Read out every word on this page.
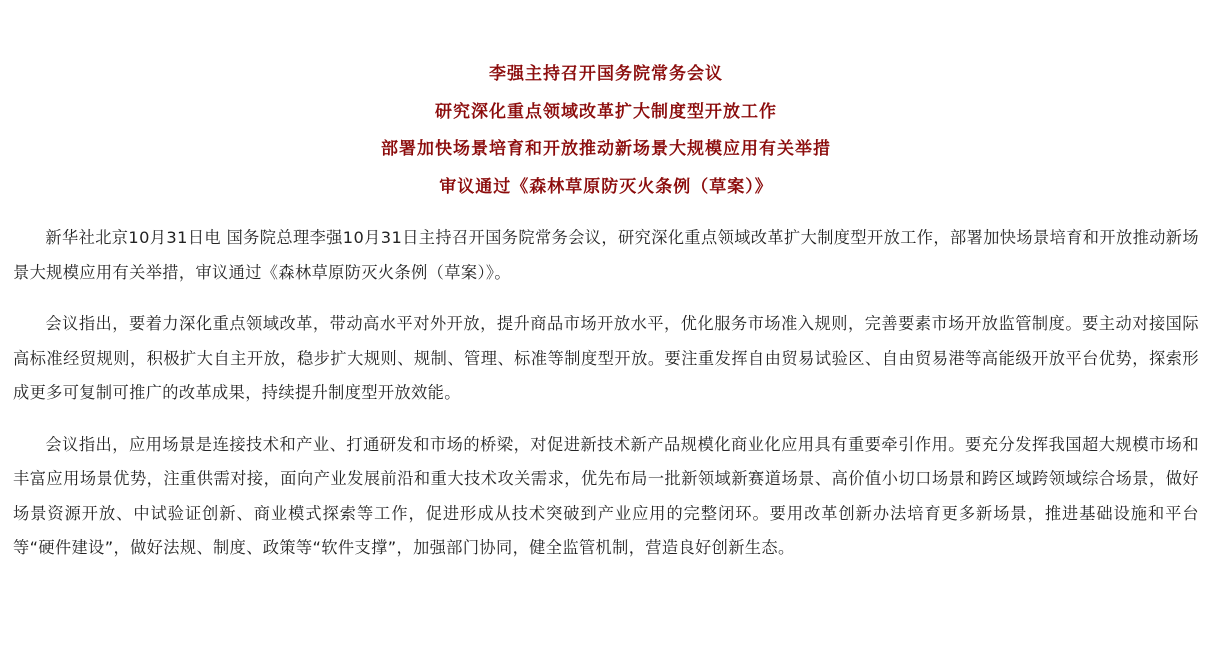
李强主持召开国务院常务会议
研究深化重点领域改革扩大制度型开放工作
部署加快场景培育和开放推动新场景大规模应用有关举措
审议通过《森林草原防灭火条例（草案）》

新华社北京10月31日电 国务院总理李强10月31日主持召开国务院常务会议，研究深化重点领域改革扩大制度型开放工作，部署加快场景培育和开放推动新场景大规模应用有关举措，审议通过《森林草原防灭火条例（草案）》。

会议指出，要着力深化重点领域改革，带动高水平对外开放，提升商品市场开放水平，优化服务市场准入规则，完善要素市场开放监管制度。要主动对接国际高标准经贸规则，积极扩大自主开放，稳步扩大规则、规制、管理、标准等制度型开放。要注重发挥自由贸易试验区、自由贸易港等高能级开放平台优势，探索形成更多可复制可推广的改革成果，持续提升制度型开放效能。

会议指出，应用场景是连接技术和产业、打通研发和市场的桥梁，对促进新技术新产品规模化商业化应用具有重要牵引作用。要充分发挥我国超大规模市场和丰富应用场景优势，注重供需对接，面向产业发展前沿和重大技术攻关需求，优先布局一批新领域新赛道场景、高价值小切口场景和跨区域跨领域综合场景，做好场景资源开放、中试验证创新、商业模式探索等工作，促进形成从技术突破到产业应用的完整闭环。要用改革创新办法培育更多新场景，推进基础设施和平台等“硬件建设”，做好法规、制度、政策等“软件支撑”，加强部门协同，健全监管机制，营造良好创新生态。
